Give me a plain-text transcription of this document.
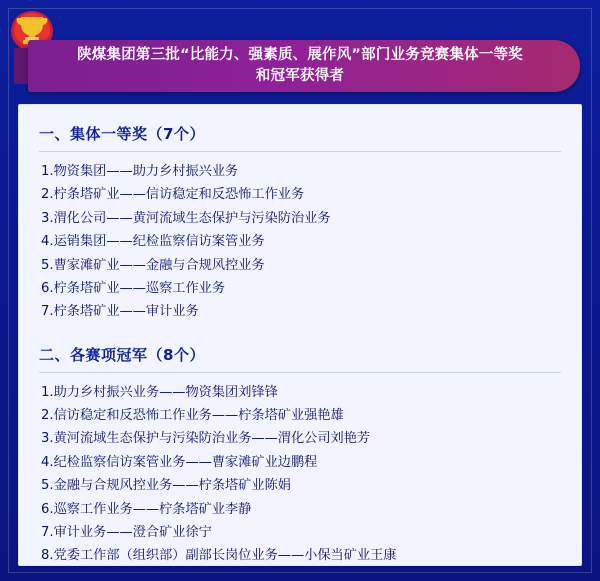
陕煤集团第三批“比能力、强素质、展作风”部门业务竞赛集体一等奖
和冠军获得者
一、集体一等奖（7个）
1.物资集团——助力乡村振兴业务
2.柠条塔矿业——信访稳定和反恐怖工作业务
3.渭化公司——黄河流域生态保护与污染防治业务
4.运销集团——纪检监察信访案管业务
5.曹家滩矿业——金融与合规风控业务
6.柠条塔矿业——巡察工作业务
7.柠条塔矿业——审计业务
二、各赛项冠军（8个）
1.助力乡村振兴业务——物资集团刘锋锋
2.信访稳定和反恐怖工作业务——柠条塔矿业强艳雄
3.黄河流域生态保护与污染防治业务——渭化公司刘艳芳
4.纪检监察信访案管业务——曹家滩矿业边鹏程
5.金融与合规风控业务——柠条塔矿业陈娟
6.巡察工作业务——柠条塔矿业李静
7.审计业务——澄合矿业徐宁
8.党委工作部（组织部）副部长岗位业务——小保当矿业王康
